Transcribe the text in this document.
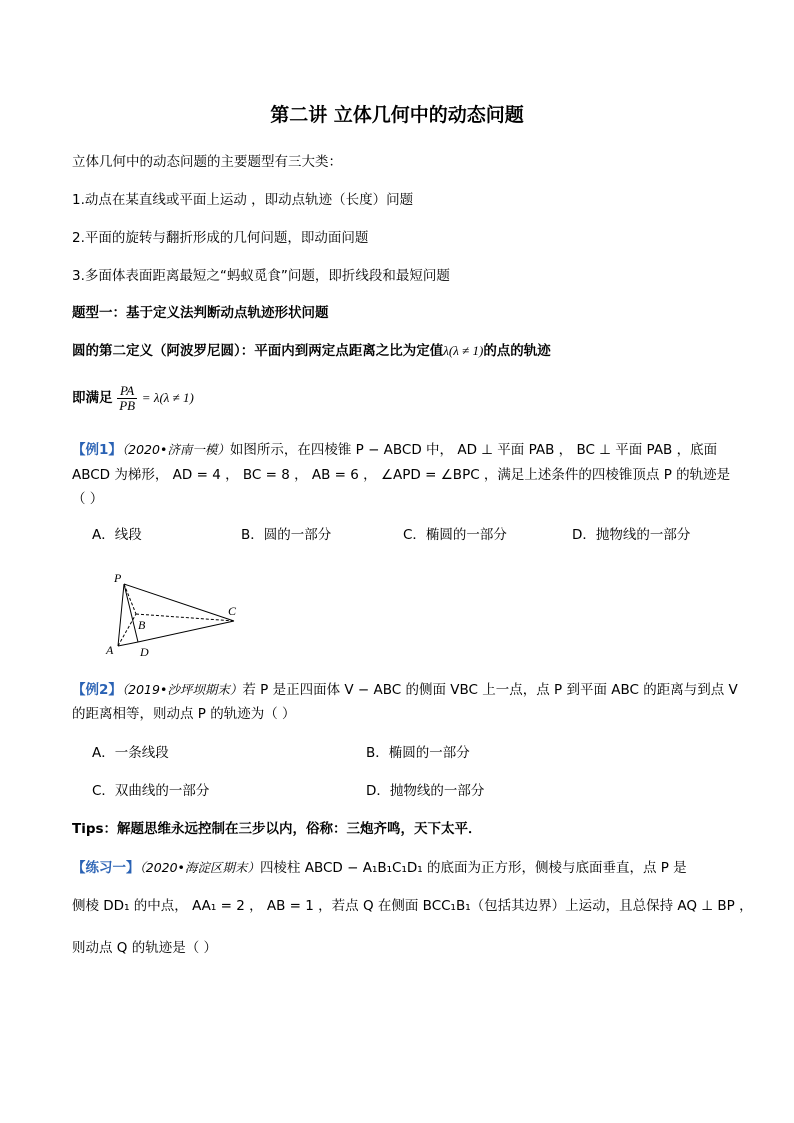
第二讲 立体几何中的动态问题
立体几何中的动态问题的主要题型有三大类：
1.动点在某直线或平面上运动 ，即动点轨迹（长度）问题
2.平面的旋转与翻折形成的几何问题，即动面问题
3.多面体表面距离最短之“蚂蚁觅食”问题，即折线段和最短问题
题型一：基于定义法判断动点轨迹形状问题
圆的第二定义（阿波罗尼圆）：平面内到两定点距离之比为定值λ(λ ≠ 1)的点的轨迹
即满足 $\frac{PA}{PB} = \lambda(\lambda \ne 1)$
【例1】（2020•济南一模）如图所示，在四棱锥 P − ABCD 中， AD ⊥ 平面 PAB ， BC ⊥ 平面 PAB ，底面
ABCD 为梯形， AD = 4 ， BC = 8 ， AB = 6 ， ∠APD = ∠BPC ，满足上述条件的四棱锥顶点 P 的轨迹是
（ ）
A．线段	B．圆的一部分	C．椭圆的一部分	D．抛物线的一部分
P
C
B
A D
【例2】（2019•沙坪坝期末）若 P 是正四面体 V − ABC 的侧面 VBC 上一点，点 P 到平面 ABC 的距离与到点 V
的距离相等，则动点 P 的轨迹为（ ）
A．一条线段	B．椭圆的一部分
C．双曲线的一部分	D．抛物线的一部分
Tips：解题思维永远控制在三步以内，俗称：三炮齐鸣，天下太平．
【练习一】（2020•海淀区期末）四棱柱 ABCD − A₁B₁C₁D₁ 的底面为正方形，侧棱与底面垂直，点 P 是
侧棱 DD₁ 的中点， AA₁ = 2 ， AB = 1 ，若点 Q 在侧面 BCC₁B₁（包括其边界）上运动，且总保持 AQ ⊥ BP ，
则动点 Q 的轨迹是（ ）
